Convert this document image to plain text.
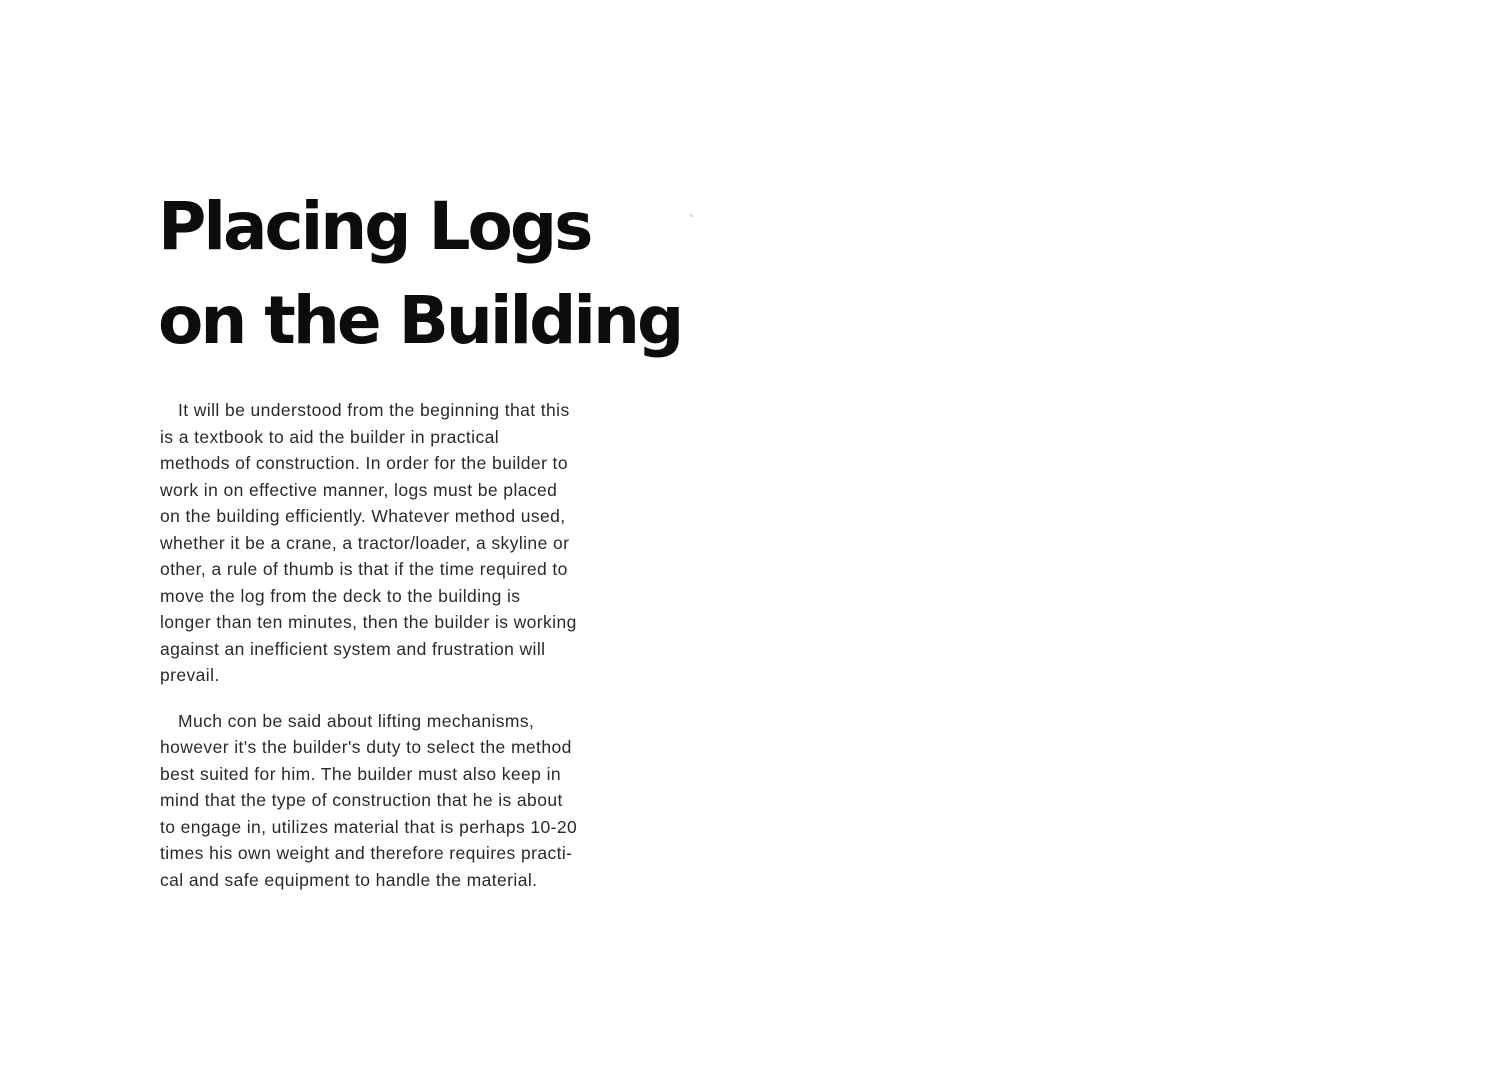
Placing Logs
on the Building

It will be understood from the beginning that this
is a textbook to aid the builder in practical
methods of construction. In order for the builder to
work in on effective manner, logs must be placed
on the building efficiently. Whatever method used,
whether it be a crane, a tractor/loader, a skyline or
other, a rule of thumb is that if the time required to
move the log from the deck to the building is
longer than ten minutes, then the builder is working
against an inefficient system and frustration will
prevail.

Much con be said about lifting mechanisms,
however it's the builder's duty to select the method
best suited for him. The builder must also keep in
mind that the type of construction that he is about
to engage in, utilizes material that is perhaps 10-20
times his own weight and therefore requires practi-
cal and safe equipment to handle the material.
